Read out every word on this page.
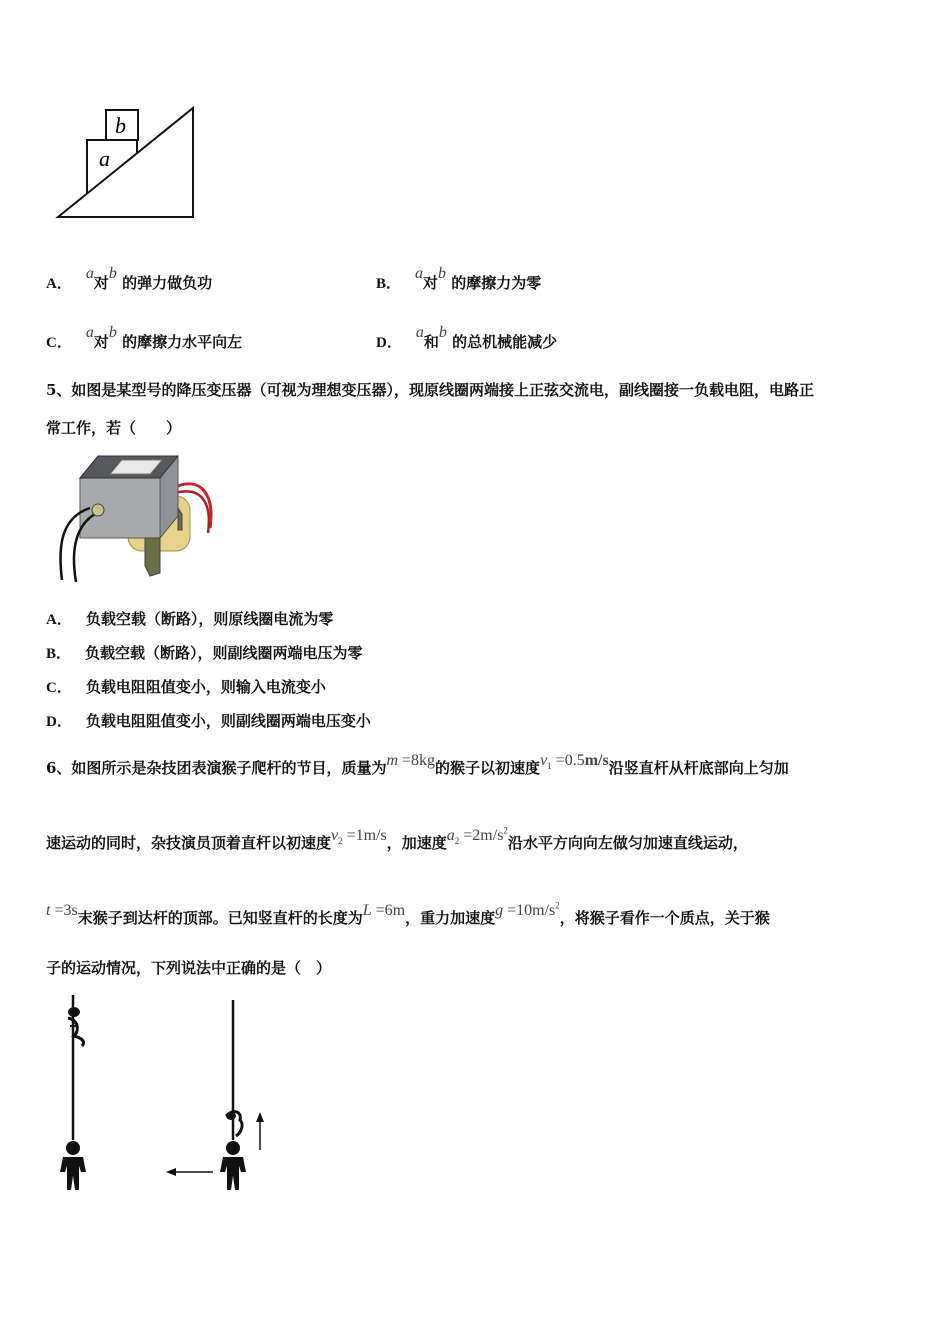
b
a
A．a对b 的弹力做负功	B．a对b 的摩擦力为零
C．a对b 的摩擦力水平向左	D．a和b 的总机械能减少
5、如图是某型号的降压变压器（可视为理想变压器），现原线圈两端接上正弦交流电，副线圈接一负载电阻，电路正
常工作，若（　　）
A． 负载空载（断路），则原线圈电流为零
B． 负载空载（断路），则副线圈两端电压为零
C． 负载电阻阻值变小，则输入电流变小
D． 负载电阻阻值变小，则副线圈两端电压变小
6、如图所示是杂技团表演猴子爬杆的节目，质量为m =8kg的猴子以初速度$v_1 =0.5m/s$沿竖直杆从杆底部向上匀加
速运动的同时，杂技演员顶着直杆以初速度$v_2 =1m/s$，加速度$a_2 =2m/s^2$沿水平方向向左做匀加速直线运动，
t =3s末猴子到达杆的顶部。已知竖直杆的长度为L =6m，重力加速度$g =10m/s^2$，将猴子看作一个质点，关于猴
子的运动情况，下列说法中正确的是（　）
